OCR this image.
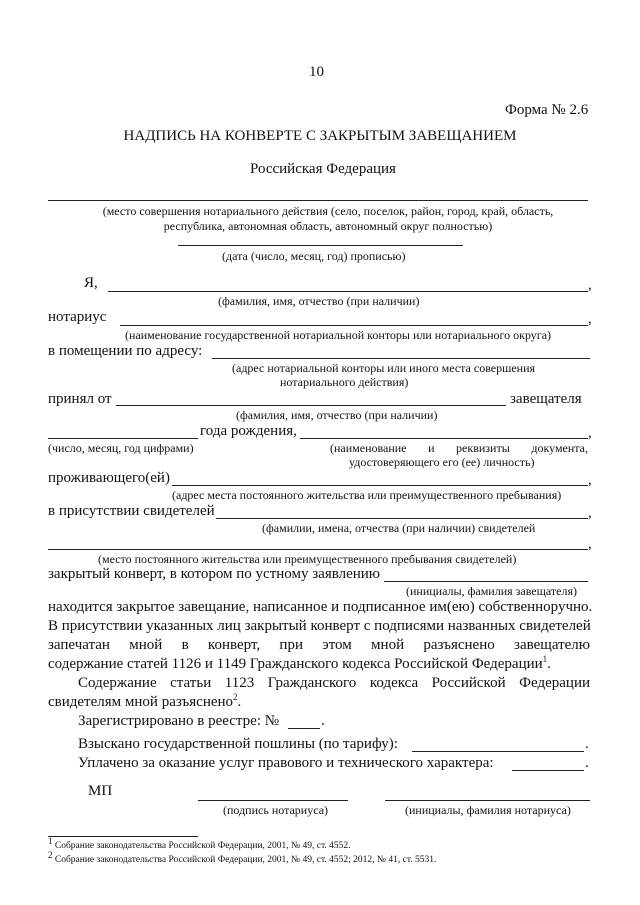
10
Форма № 2.6
НАДПИСЬ НА КОНВЕРТЕ С ЗАКРЫТЫМ ЗАВЕЩАНИЕМ
Российская Федерация
(место совершения нотариального действия (село, поселок, район, город, край, область,
республика, автономная область, автономный округ полностью)
(дата (число, месяц, год) прописью)
Я,	,
(фамилия, имя, отчество (при наличии)
нотариус	,
(наименование государственной нотариальной конторы или нотариального округа)
в помещении по адресу:
(адрес нотариальной конторы или иного места совершения
нотариального действия)
принял от	завещателя
(фамилия, имя, отчество (при наличии)
года рождения,	,
(число, месяц, год цифрами)	(наименование и реквизиты документа,
удостоверяющего его (ее) личность)
проживающего(ей)	,
(адрес места постоянного жительства или преимущественного пребывания)
в присутствии свидетелей	,
(фамилии, имена, отчества (при наличии) свидетелей
,
(место постоянного жительства или преимущественного пребывания свидетелей)
закрытый конверт, в котором по устному заявлению
(инициалы, фамилия завещателя)
находится закрытое завещание, написанное и подписанное им(ею) собственноручно.
В присутствии указанных лиц закрытый конверт с подписями названных свидетелей
запечатан мной в конверт, при этом мной разъяснено завещателю
содержание статей 1126 и 1149 Гражданского кодекса Российской Федерации$^1$.
Содержание статьи 1123 Гражданского кодекса Российской Федерации
свидетелям мной разъяснено$^2$.
Зарегистрировано в реестре: №	.
Взыскано государственной пошлины (по тарифу):	.
Уплачено за оказание услуг правового и технического характера:	.
МП
(подпись нотариуса)	(инициалы, фамилия нотариуса)
$^1$ Собрание законодательства Российской Федерации, 2001, № 49, ст. 4552.
$^2$ Собрание законодательства Российской Федерации, 2001, № 49, ст. 4552; 2012, № 41, ст. 5531.
